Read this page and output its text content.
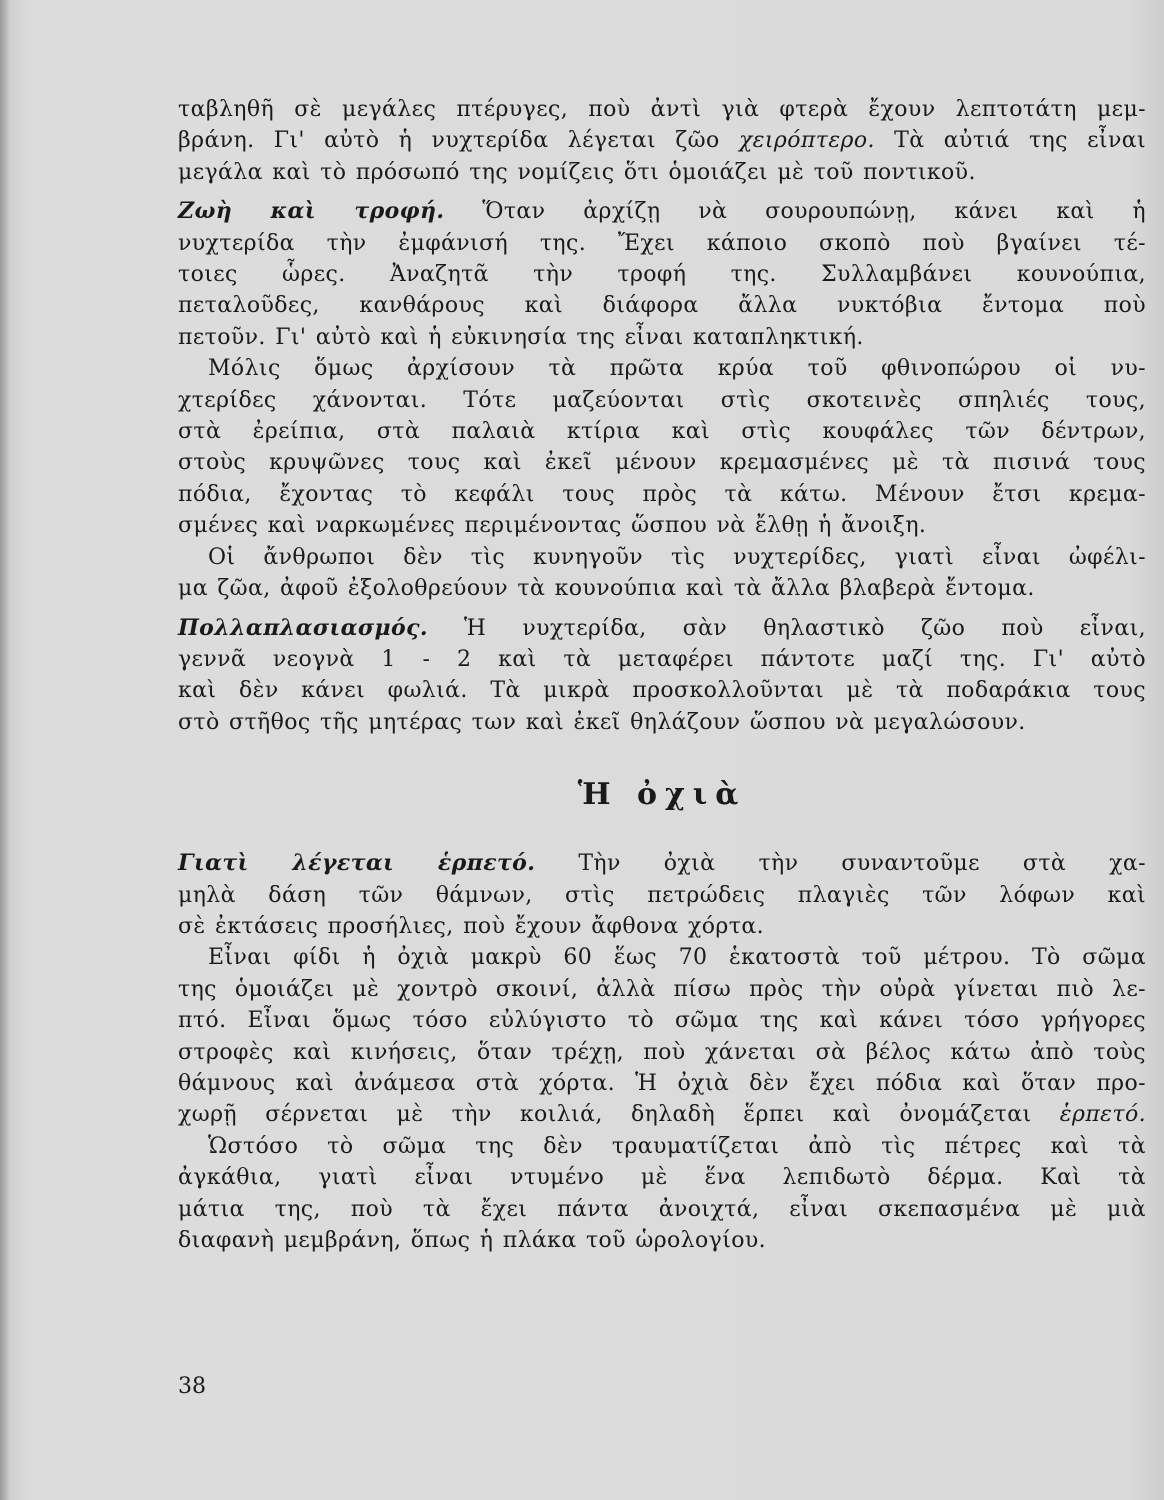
ταβληθῆ σὲ μεγάλες πτέρυγες, ποὺ ἀντὶ γιὰ φτερὰ ἔχουν λεπτοτάτη μεμ-
βράνη. Γι' αὐτὸ ἡ νυχτερίδα λέγεται ζῶο χειρόπτερο. Τὰ αὐτιά της εἶναι
μεγάλα καὶ τὸ πρόσωπό της νομίζεις ὅτι ὁμοιάζει μὲ τοῦ ποντικοῦ.

Ζωὴ καὶ τροφή. Ὅταν ἀρχίζῃ νὰ σουρουπώνῃ, κάνει καὶ ἡ
νυχτερίδα τὴν ἐμφάνισή της. Ἔχει κάποιο σκοπὸ ποὺ βγαίνει τέ-
τοιες ὧρες. Ἀναζητᾶ τὴν τροφή της. Συλλαμβάνει κουνούπια,
πεταλοῦδες, κανθάρους καὶ διάφορα ἄλλα νυκτόβια ἔντομα ποὺ
πετοῦν. Γι' αὐτὸ καὶ ἡ εὐκινησία της εἶναι καταπληκτική.

Μόλις ὅμως ἀρχίσουν τὰ πρῶτα κρύα τοῦ φθινοπώρου οἱ νυ-
χτερίδες χάνονται. Τότε μαζεύονται στὶς σκοτεινὲς σπηλιές τους,
στὰ ἐρείπια, στὰ παλαιὰ κτίρια καὶ στὶς κουφάλες τῶν δέντρων,
στοὺς κρυψῶνες τους καὶ ἐκεῖ μένουν κρεμασμένες μὲ τὰ πισινά τους
πόδια, ἔχοντας τὸ κεφάλι τους πρὸς τὰ κάτω. Μένουν ἔτσι κρεμα-
σμένες καὶ ναρκωμένες περιμένοντας ὥσπου νὰ ἔλθῃ ἡ ἄνοιξη.

Οἱ ἄνθρωποι δὲν τὶς κυνηγοῦν τὶς νυχτερίδες, γιατὶ εἶναι ὠφέλι-
μα ζῶα, ἀφοῦ ἐξολοθρεύουν τὰ κουνούπια καὶ τὰ ἄλλα βλαβερὰ ἔντομα.

Πολλαπλασιασμός. Ἡ νυχτερίδα, σὰν θηλαστικὸ ζῶο ποὺ εἶναι,
γεννᾶ νεογνὰ 1 - 2 καὶ τὰ μεταφέρει πάντοτε μαζί της. Γι' αὐτὸ
καὶ δὲν κάνει φωλιά. Τὰ μικρὰ προσκολλοῦνται μὲ τὰ ποδαράκια τους
στὸ στῆθος τῆς μητέρας των καὶ ἐκεῖ θηλάζουν ὥσπου νὰ μεγαλώσουν.

Ἡ ὀχιὰ

Γιατὶ λέγεται ἑρπετό. Τὴν ὀχιὰ τὴν συναντοῦμε στὰ χα-
μηλὰ δάση τῶν θάμνων, στὶς πετρώδεις πλαγιὲς τῶν λόφων καὶ
σὲ ἐκτάσεις προσήλιες, ποὺ ἔχουν ἄφθονα χόρτα.

Εἶναι φίδι ἡ ὀχιὰ μακρὺ 60 ἕως 70 ἑκατοστὰ τοῦ μέτρου. Τὸ σῶμα
της ὁμοιάζει μὲ χοντρὸ σκοινί, ἀλλὰ πίσω πρὸς τὴν οὐρὰ γίνεται πιὸ λε-
πτό. Εἶναι ὅμως τόσο εὐλύγιστο τὸ σῶμα της καὶ κάνει τόσο γρήγορες
στροφὲς καὶ κινήσεις, ὅταν τρέχῃ, ποὺ χάνεται σὰ βέλος κάτω ἀπὸ τοὺς
θάμνους καὶ ἀνάμεσα στὰ χόρτα. Ἡ ὀχιὰ δὲν ἔχει πόδια καὶ ὅταν προ-
χωρῇ σέρνεται μὲ τὴν κοιλιά, δηλαδὴ ἕρπει καὶ ὀνομάζεται ἑρπετό.

Ὡστόσο τὸ σῶμα της δὲν τραυματίζεται ἀπὸ τὶς πέτρες καὶ τὰ
ἀγκάθια, γιατὶ εἶναι ντυμένο μὲ ἕνα λεπιδωτὸ δέρμα. Καὶ τὰ
μάτια της, ποὺ τὰ ἔχει πάντα ἀνοιχτά, εἶναι σκεπασμένα μὲ μιὰ
διαφανὴ μεμβράνη, ὅπως ἡ πλάκα τοῦ ὡρολογίου.

38
